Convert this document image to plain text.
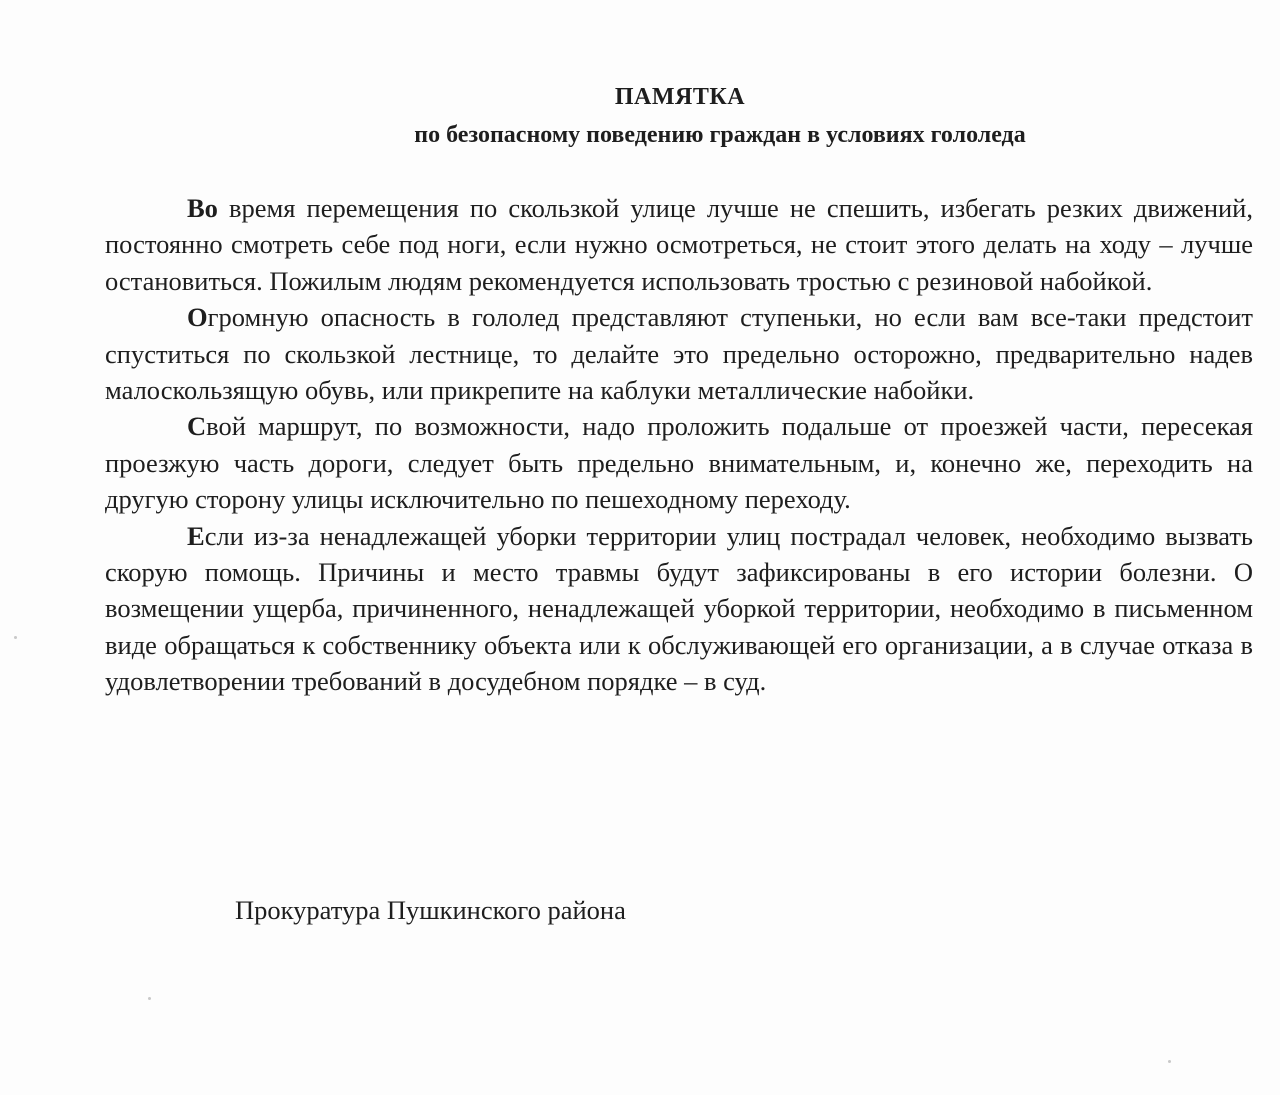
ПАМЯТКА
по безопасному поведению граждан в условиях гололеда

Во время перемещения по скользкой улице лучше не спешить, избегать резких движений, постоянно смотреть себе под ноги, если нужно осмотреться, не стоит этого делать на ходу – лучше остановиться. Пожилым людям рекомендуется использовать тростью с резиновой набойкой.

Огромную опасность в гололед представляют ступеньки, но если вам все-таки предстоит спуститься по скользкой лестнице, то делайте это предельно осторожно, предварительно надев малоскользящую обувь, или прикрепите на каблуки металлические набойки.

Свой маршрут, по возможности, надо проложить подальше от проезжей части, пересекая проезжую часть дороги, следует быть предельно внимательным, и, конечно же, переходить на другую сторону улицы исключительно по пешеходному переходу.

Если из-за ненадлежащей уборки территории улиц пострадал человек, необходимо вызвать скорую помощь. Причины и место травмы будут зафиксированы в его истории болезни. О возмещении ущерба, причиненного, ненадлежащей уборкой территории, необходимо в письменном виде обращаться к собственнику объекта или к обслуживающей его организации, а в случае отказа в удовлетворении требований в досудебном порядке – в суд.

Прокуратура Пушкинского района
